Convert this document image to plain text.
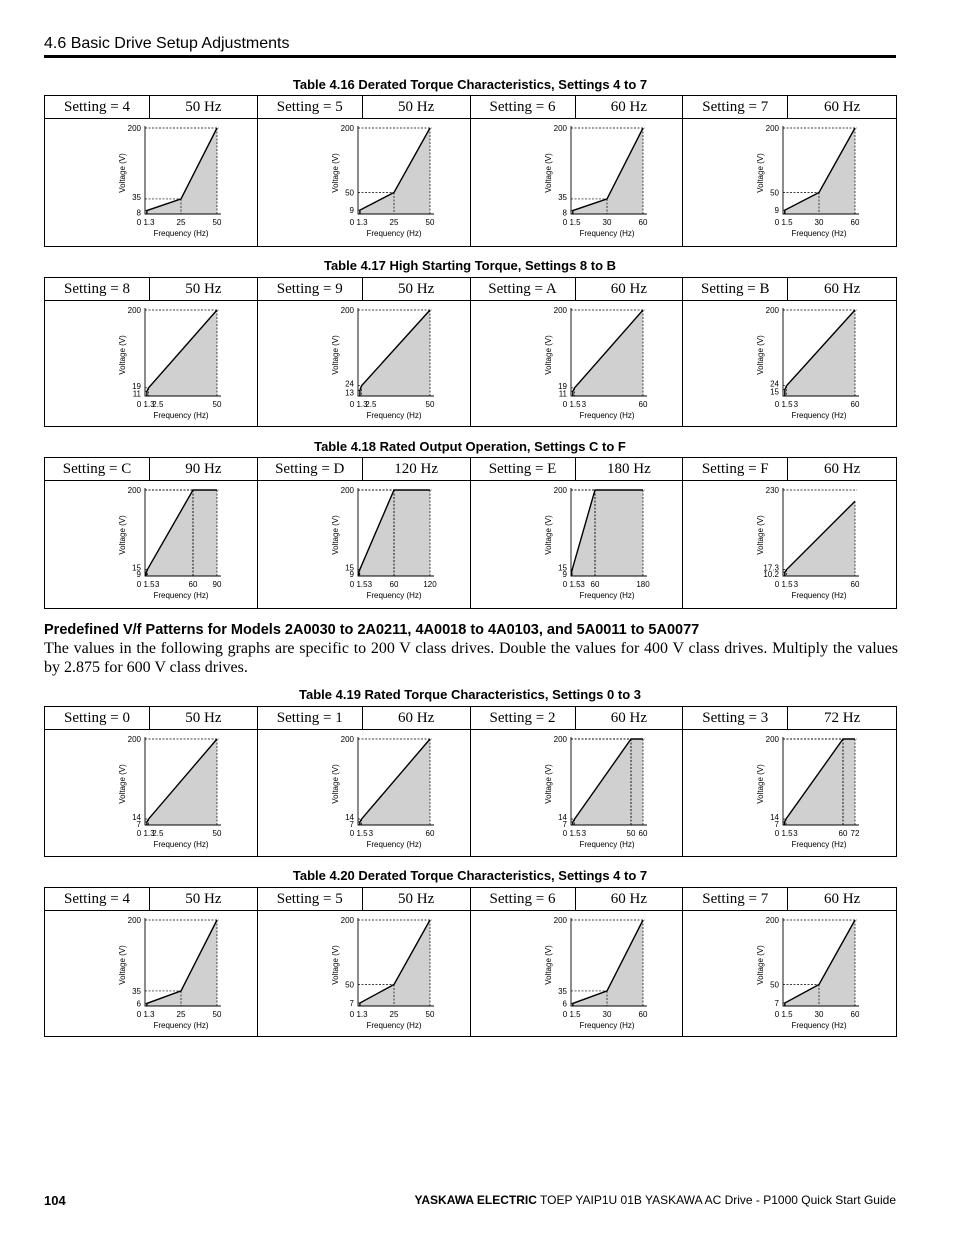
4.6 Basic Drive Setup Adjustments
Table 4.16 Derated Torque Characteristics, Settings 4 to 7
Setting = 4	50 Hz
200
35
8
0 1.3	25	50
Frequency (Hz)
Voltage (V)
Setting = 5	50 Hz
200
50
9
0 1.3	25	50
Frequency (Hz)
Voltage (V)
Setting = 6	60 Hz
200
35
8
0 1.5	30	60
Frequency (Hz)
Voltage (V)
Setting = 7	60 Hz
200
50
9
0 1.5	30	60
Frequency (Hz)
Voltage (V)
Table 4.17 High Starting Torque, Settings 8 to B
Setting = 8	50 Hz
200
19
11
0 1.3
2.5	50
Frequency (Hz)
Voltage (V)
Setting = 9	50 Hz
200
24
13
0 1.3
2.5	50
Frequency (Hz)
Voltage (V)
Setting = A	60 Hz
200
19
11
0 1.5 3	60
Frequency (Hz)
Voltage (V)
Setting = B	60 Hz
200
24
15
0 1.5 3	60
Frequency (Hz)
Voltage (V)
Table 4.18 Rated Output Operation, Settings C to F
Setting = C	90 Hz
200
15
9
0 1.5 3	60 90
Frequency (Hz)
Voltage (V)
Setting = D	120 Hz
200
15
9
0 1.5 3 60	120
Frequency (Hz)
Voltage (V)
Setting = E	180 Hz
200
15
9
0 1.5 3 60	180
Frequency (Hz)
Voltage (V)
Setting = F	60 Hz
230
17.3
10.2
0 1.5 3	60
Frequency (Hz)
Voltage (V)
Predefined V/f Patterns for Models 2A0030 to 2A0211, 4A0018 to 4A0103, and 5A0011 to 5A0077
The values in the following graphs are specific to 200 V class drives. Double the values for 400 V class drives. Multiply the values by 2.875 for 600 V class drives.
Table 4.19 Rated Torque Characteristics, Settings 0 to 3
Setting = 0	50 Hz
200
14
7
0 1.3
2.5	50
Frequency (Hz)
Voltage (V)
Setting = 1	60 Hz
200
14
7
0 1.5 3	60
Frequency (Hz)
Voltage (V)
Setting = 2	60 Hz
200
14
7
0 1.5 3	50 60
Frequency (Hz)
Voltage (V)
Setting = 3	72 Hz
200
14
7
0 1.5 3	60 72
Frequency (Hz)
Voltage (V)
Table 4.20 Derated Torque Characteristics, Settings 4 to 7
Setting = 4	50 Hz
200
35
6
0 1.3	25	50
Frequency (Hz)
Voltage (V)
Setting = 5	50 Hz
200
50
7
0 1.3	25	50
Frequency (Hz)
Voltage (V)
Setting = 6	60 Hz
200
35
6
0 1.5	30	60
Frequency (Hz)
Voltage (V)
Setting = 7	60 Hz
200
50
7
0 1.5	30	60
Frequency (Hz)
Voltage (V)
104	YASKAWA ELECTRIC TOEP YAIP1U 01B YASKAWA AC Drive - P1000 Quick Start Guide
